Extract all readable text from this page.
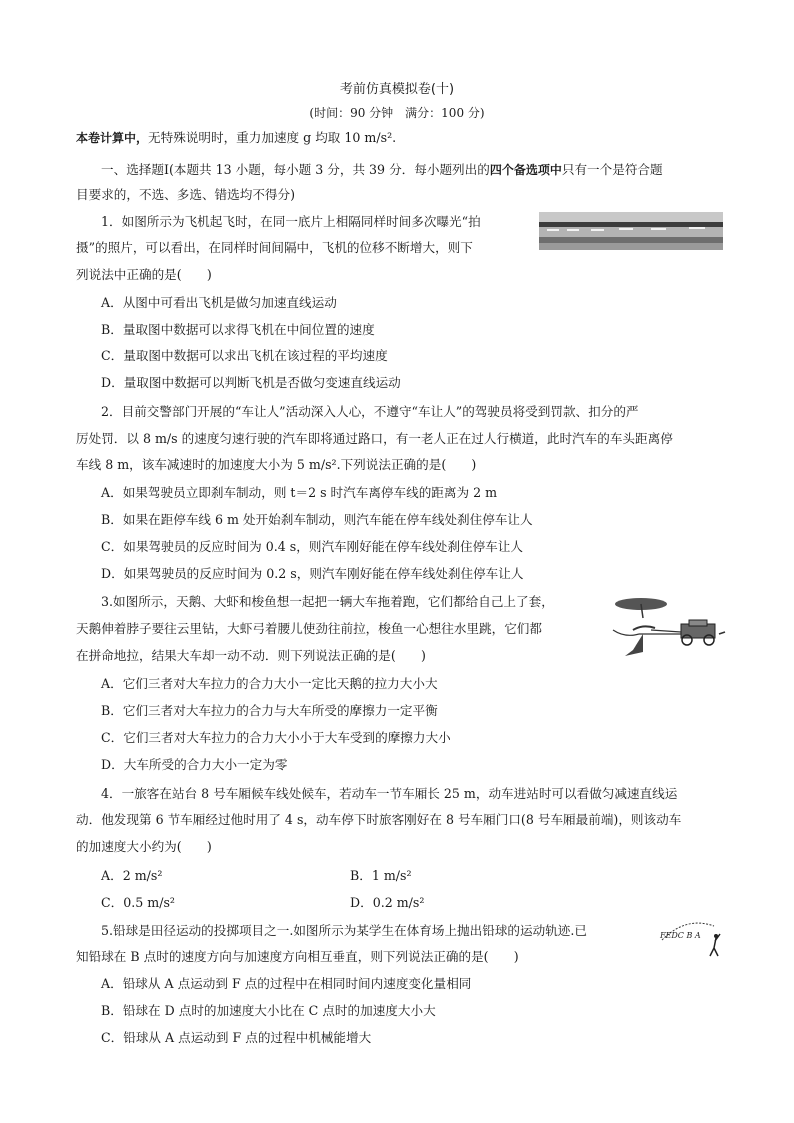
考前仿真模拟卷(十)
(时间：90 分钟　满分：100 分)
本卷计算中，无特殊说明时，重力加速度 g 均取 10 m/s².
一、选择题Ⅰ(本题共 13 小题，每小题 3 分，共 39 分．每小题列出的四个备选项中只有一个是符合题
目要求的，不选、多选、错选均不得分)
1．如图所示为飞机起飞时，在同一底片上相隔同样时间多次曝光“拍
摄”的照片，可以看出，在同样时间间隔中，飞机的位移不断增大，则下
列说法中正确的是(　　)
A．从图中可看出飞机是做匀加速直线运动
B．量取图中数据可以求得飞机在中间位置的速度
C．量取图中数据可以求出飞机在该过程的平均速度
D．量取图中数据可以判断飞机是否做匀变速直线运动
2．目前交警部门开展的“车让人”活动深入人心，不遵守“车让人”的驾驶员将受到罚款、扣分的严
厉处罚．以 8 m/s 的速度匀速行驶的汽车即将通过路口，有一老人正在过人行横道，此时汽车的车头距离停
车线 8 m，该车减速时的加速度大小为 5 m/s².下列说法正确的是(　　)
A．如果驾驶员立即刹车制动，则 t＝2 s 时汽车离停车线的距离为 2 m
B．如果在距停车线 6 m 处开始刹车制动，则汽车能在停车线处刹住停车让人
C．如果驾驶员的反应时间为 0.4 s，则汽车刚好能在停车线处刹住停车让人
D．如果驾驶员的反应时间为 0.2 s，则汽车刚好能在停车线处刹住停车让人
3.如图所示，天鹅、大虾和梭鱼想一起把一辆大车拖着跑，它们都给自己上了套，
天鹅伸着脖子要往云里钻，大虾弓着腰儿使劲往前拉，梭鱼一心想往水里跳，它们都
在拼命地拉，结果大车却一动不动．则下列说法正确的是(　　)
A．它们三者对大车拉力的合力大小一定比天鹅的拉力大小大
B．它们三者对大车拉力的合力与大车所受的摩擦力一定平衡
C．它们三者对大车拉力的合力大小小于大车受到的摩擦力大小
D．大车所受的合力大小一定为零
4．一旅客在站台 8 号车厢候车线处候车，若动车一节车厢长 25 m，动车进站时可以看做匀减速直线运
动．他发现第 6 节车厢经过他时用了 4 s，动车停下时旅客刚好在 8 号车厢门口(8 号车厢最前端)，则该动车
的加速度大小约为(　　)
A．2 m/s²	B．1 m/s²
C．0.5 m/s²	D．0.2 m/s²
5.铅球是田径运动的投掷项目之一.如图所示为某学生在体育场上抛出铅球的运动轨迹.已
知铅球在 B 点时的速度方向与加速度方向相互垂直，则下列说法正确的是(　　)
A．铅球从 A 点运动到 F 点的过程中在相同时间内速度变化量相同
B．铅球在 D 点时的加速度大小比在 C 点时的加速度大小大
C．铅球从 A 点运动到 F 点的过程中机械能增大
FEDC B A
